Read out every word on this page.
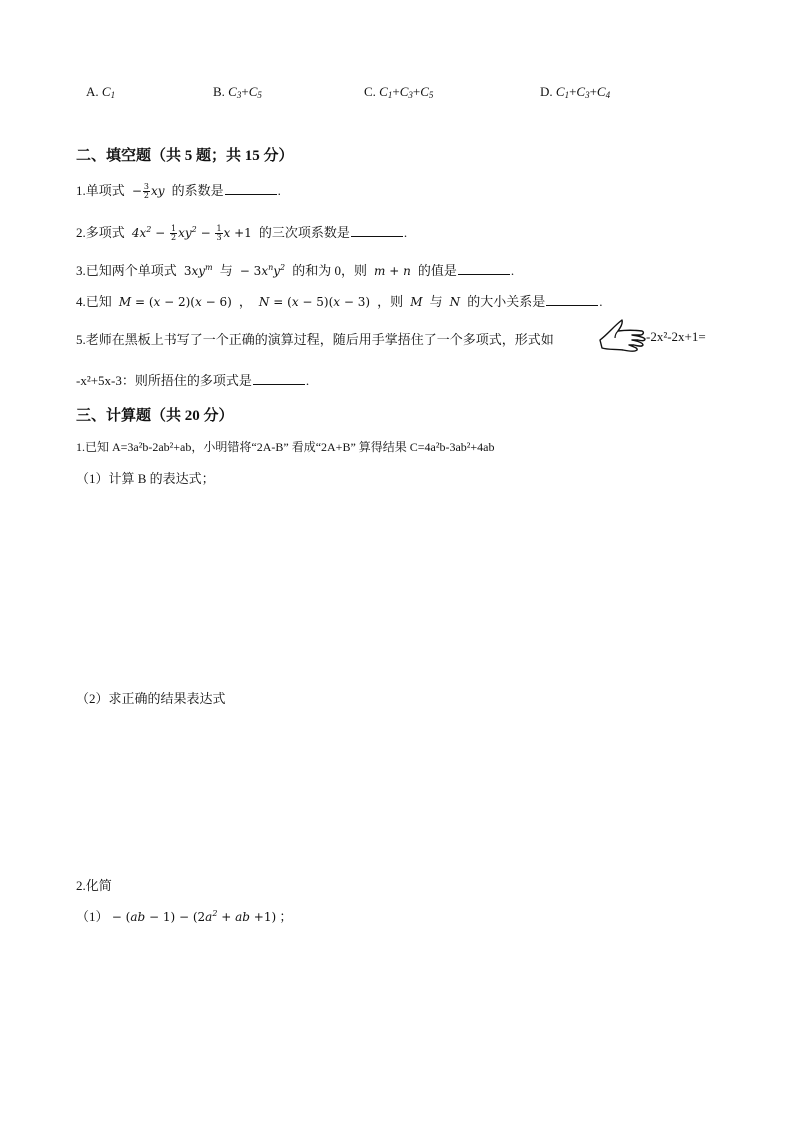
A. $C_1$	B. $C_3+C_5$	C. $C_1+C_3+C_5$	D. $C_1+C_3+C_4$
二、填空题（共 5 题；共 15 分）
1.单项式  − $\frac{3}{2}$ xy  的系数是	.
2.多项式  $4x^2 - \frac{1}{2} xy^2 - \frac{1}{3}$ x +1 的三次项系数是	.
3.已知两个单项式 $3xy^m$ 与 − $3x^ny^2$ 的和为 0，则  m + n  的值是	.
4.已知  M = (x − 2)(x − 6) ，  N = (x − 5)(x − 3) ，则  M  与  N  的大小关系是	.
5.老师在黑板上书写了一个正确的演算过程，随后用手掌捂住了一个多项式，形式如	-2x²-2x+1=
-x²+5x-3：则所捂住的多项式是	.
三、计算题（共 20 分）
1.已知 A=3a²b-2ab²+ab，小明错将“2A-B” 看成“2A+B” 算得结果 C=4a²b-3ab²+4ab
（1）计算 B 的表达式；
（2）求正确的结果表达式
2.化简
$(1) - (ab - 1) - (2a^2$ + ab +1) ；
